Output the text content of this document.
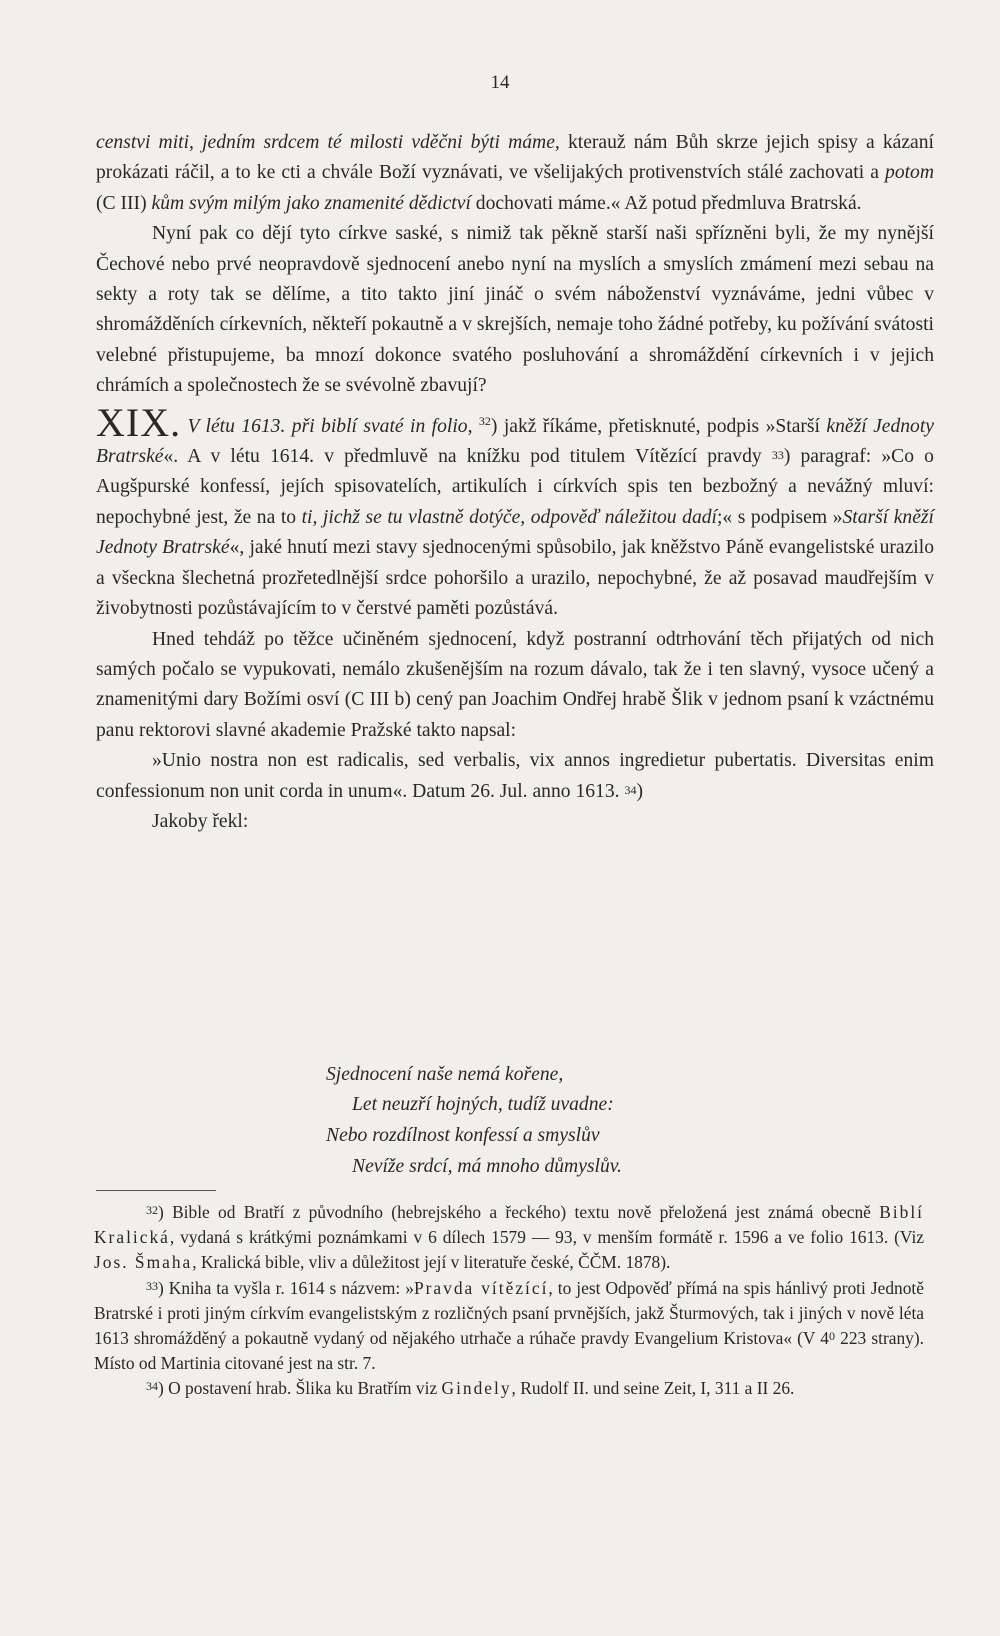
14

censtvi miti, jedním srdcem té milosti vděčni býti máme, kterauž nám Bůh skrze jejich spisy a kázaní prokázati ráčil, a to ke cti a chvále Boží vyznávati, ve všelijakých protivenstvích stálé zachovati a potom (C III) kům svým milým jako znamenité dědictví dochovati máme.« Až potud předmluva Bratrská.

Nyní pak co dějí tyto církve saské, s nimiž tak pěkně starší naši spřízněni byli, že my nynější Čechové nebo prvé neopravdově sjednocení anebo nyní na myslích a smyslích zmámení mezi sebau na sekty a roty tak se dělíme, a tito takto jiní jináč o svém náboženství vyznáváme, jedni vůbec v shromážděních církevních, někteří pokautně a v skrejších, nemaje toho žádné potřeby, ku požívání svátosti velebné přistupujeme, ba mnozí dokonce svatého posluhování a shromáždění církevních i v jejich chrámích a společnostech že se svévolně zbavují?

XIX. V létu 1613. při biblí svaté in folio, $^{32}$) jakž říkáme, přetisknuté, podpis »Starší kněží Jednoty Bratrské«. A v létu 1614. v předmluvě na knížku pod titulem Vítězící pravdy $^{33}$) paragraf: »Co o Augšpurské konfessí, jejích spisovatelích, artikulích i církvích spis ten bezbožný a nevážný mluví: nepochybné jest, že na to ti, jichž se tu vlastně dotýče, odpověď náležitou dadí;« s podpisem »Starší kněží Jednoty Bratrské«, jaké hnutí mezi stavy sjednocenými spůsobilo, jak kněžstvo Páně evangelistské urazilo a všeckna šlechetná prozřetedlnější srdce pohoršilo a urazilo, nepochybné, že až posavad maudřejším v živobytnosti pozůstávajícím to v čerstvé paměti pozůstává.

Hned tehdáž po těžce učiněném sjednocení, když postranní odtrhování těch přijatých od nich samých počalo se vypukovati, nemálo zkušenějším na rozum dávalo, tak že i ten slavný, vysoce učený a znamenitými dary Božími osví (C III b) cený pan Joachim Ondřej hrabě Šlik v jednom psaní k vzáctnému panu rektorovi slavné akademie Pražské takto napsal:

»Unio nostra non est radicalis, sed verbalis, vix annos ingredietur pubertatis. Diversitas enim confessionum non unit corda in unum«. Datum 26. Jul. anno 1613. $^{34}$)

Jakoby řekl:

Sjednocení naše nemá kořene,
Let neuzří hojných, tudíž uvadne:
Nebo rozdílnost konfessí a smyslův
Nevíže srdcí, má mnoho důmyslův.

$^{32}$) Bible od Bratří z původního (hebrejského a řeckého) textu nově přeložená jest známá obecně Biblí Kralická, vydaná s krátkými poznámkami v 6 dílech 1579 — 93, v menším formátě r. 1596 a ve folio 1613. (Viz Jos. Šmaha, Kralická bible, vliv a důležitost její v literatuře české, ČČM. 1878).

$^{33}$) Kniha ta vyšla r. 1614 s názvem: »Pravda vítězící, to jest Odpověď přímá na spis hánlivý proti Jednotě Bratrské i proti jiným církvím evangelistským z rozličných psaní prvnějších, jakž Šturmových, tak i jiných v nově léta 1613 shromážděný a pokautně vydaný od nějakého utrhače a rúhače pravdy Evangelium Kristova« (V $4^0$ 223 strany). Místo od Martinia citované jest na str. 7.

$^{34}$) O postavení hrab. Šlika ku Bratřím viz Gindely, Rudolf II. und seine Zeit, I, 311 a II 26.
